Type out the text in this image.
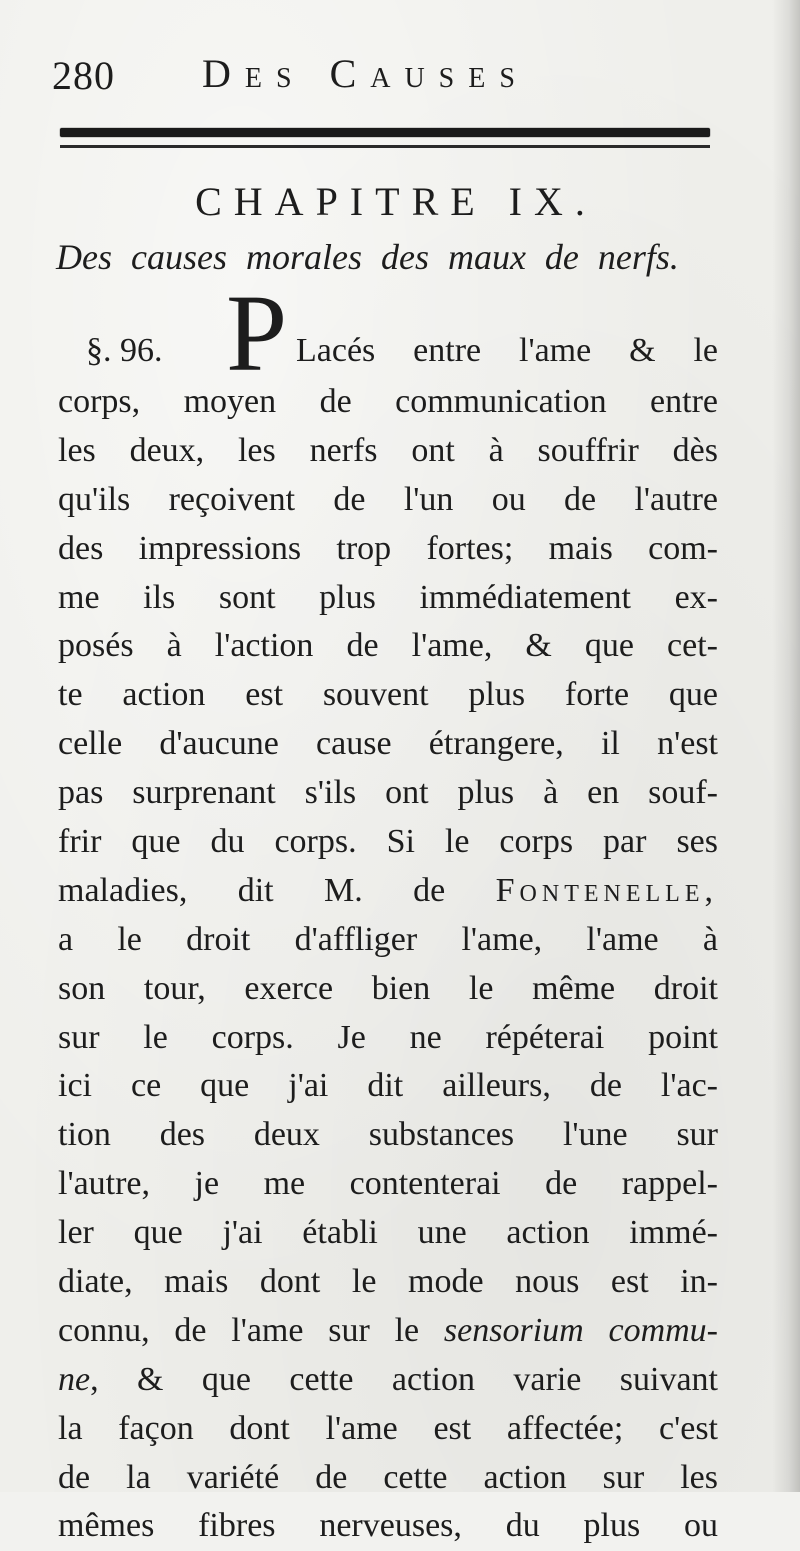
280 Des Causes
CHAPITRE IX.
Des causes morales des maux de nerfs.
P
§. 96.	Lacés entre l'ame & le
corps, moyen de communication entre
les deux, les nerfs ont à souffrir dès
qu'ils reçoivent de l'un ou de l'autre
des impressions trop fortes; mais com-
me ils sont plus immédiatement ex-
posés à l'action de l'ame, & que cet-
te action est souvent plus forte que
celle d'aucune cause étrangere, il n'est
pas surprenant s'ils ont plus à en souf-
frir que du corps. Si le corps par ses
maladies, dit M. de Fontenelle,
a le droit d'affliger l'ame, l'ame à
son tour, exerce bien le même droit
sur le corps. Je ne répéterai point
ici ce que j'ai dit ailleurs, de l'ac-
tion des deux substances l'une sur
l'autre, je me contenterai de rappel-
ler que j'ai établi une action immé-
diate, mais dont le mode nous est in-
connu, de l'ame sur le sensorium commu-
ne, & que cette action varie suivant
la façon dont l'ame est affectée; c'est
de la variété de cette action sur les
mêmes fibres nerveuses, du plus ou
